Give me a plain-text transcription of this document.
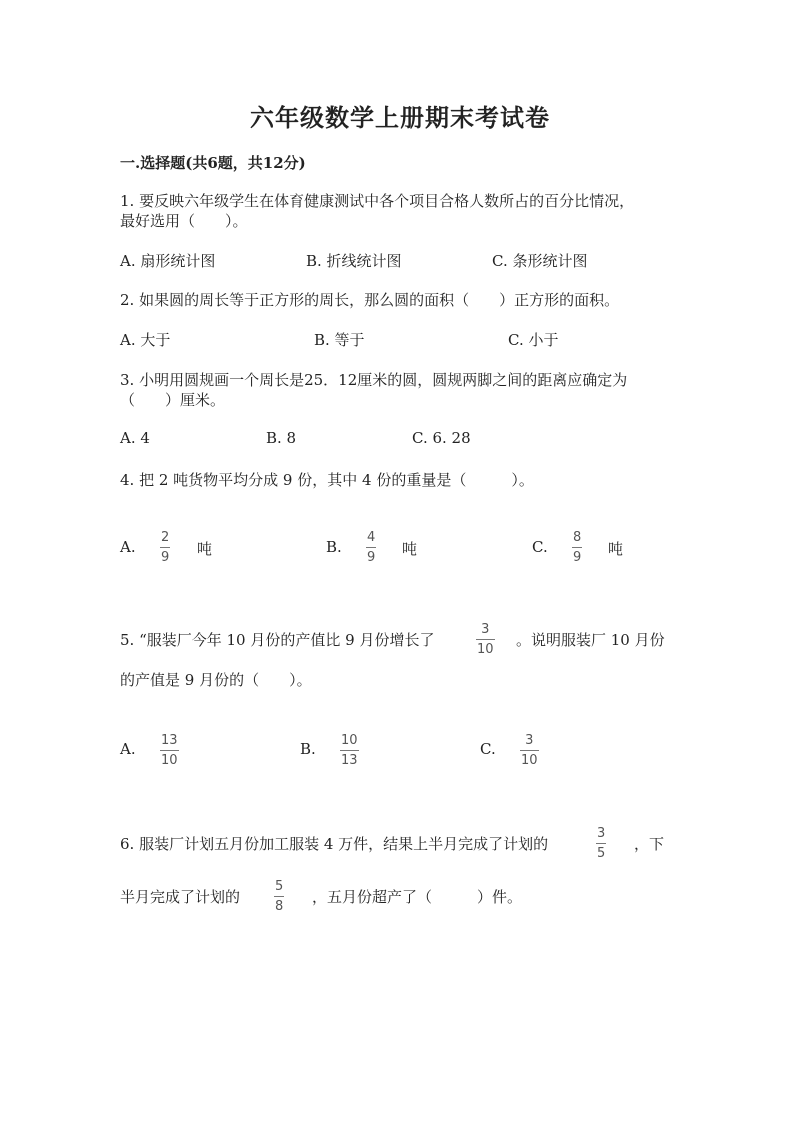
六年级数学上册期末考试卷
一.选择题(共6题，共12分)
1. 要反映六年级学生在体育健康测试中各个项目合格人数所占的百分比情况，
最好选用（　　）。
A. 扇形统计图	B. 折线统计图	C. 条形统计图
2. 如果圆的周长等于正方形的周长，那么圆的面积（　　）正方形的面积。
A. 大于	B. 等于	C. 小于
3. 小明用圆规画一个周长是25．12厘米的圆，圆规两脚之间的距离应确定为
（　　）厘米。
A. 4	B. 8	C. 6. 28
4. 把 2 吨货物平均分成 9 份，其中 4 份的重量是（　　　）。
A.
2
9 吨	B.
4
9 吨	C.
8
9 吨
5. “服装厂今年 10 月份的产值比 9 月份增长了
3
10
。说明服装厂 10 月份
的产值是 9 月份的（　　）。
A. 13
10
B. 10
13
C. 3
10
6. 服装厂计划五月份加工服装 4 万件，结果上半月完成了计划的
3
5
，下
半月完成了计划的
5
8
，五月份超产了（　　　）件。
